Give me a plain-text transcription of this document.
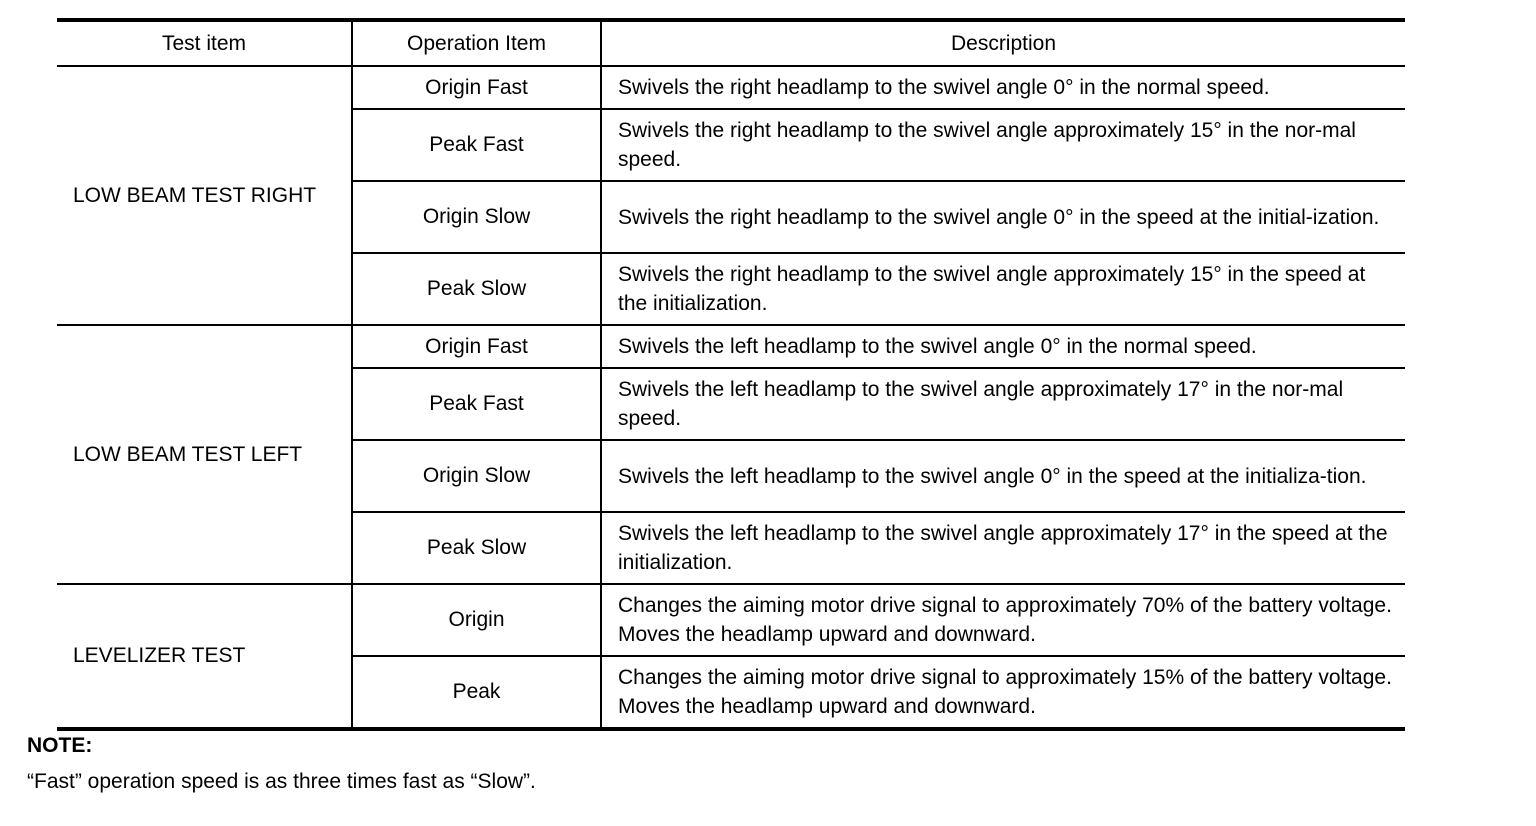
Test item	Operation Item	Description
LOW BEAM TEST RIGHT	Origin Fast	Swivels the right headlamp to the swivel angle 0° in the normal speed.
	Peak Fast	Swivels the right headlamp to the swivel angle approximately 15° in the nor-mal speed.
	Origin Slow	Swivels the right headlamp to the swivel angle 0° in the speed at the initial-ization.
	Peak Slow	Swivels the right headlamp to the swivel angle approximately 15° in the speed at the initialization.
LOW BEAM TEST LEFT	Origin Fast	Swivels the left headlamp to the swivel angle 0° in the normal speed.
	Peak Fast	Swivels the left headlamp to the swivel angle approximately 17° in the nor-mal speed.
	Origin Slow	Swivels the left headlamp to the swivel angle 0° in the speed at the initializa-tion.
	Peak Slow	Swivels the left headlamp to the swivel angle approximately 17° in the speed at the initialization.
LEVELIZER TEST	Origin	Changes the aiming motor drive signal to approximately 70% of the battery voltage. Moves the headlamp upward and downward.
	Peak	Changes the aiming motor drive signal to approximately 15% of the battery voltage. Moves the headlamp upward and downward.
NOTE:
“Fast” operation speed is as three times fast as “Slow”.
